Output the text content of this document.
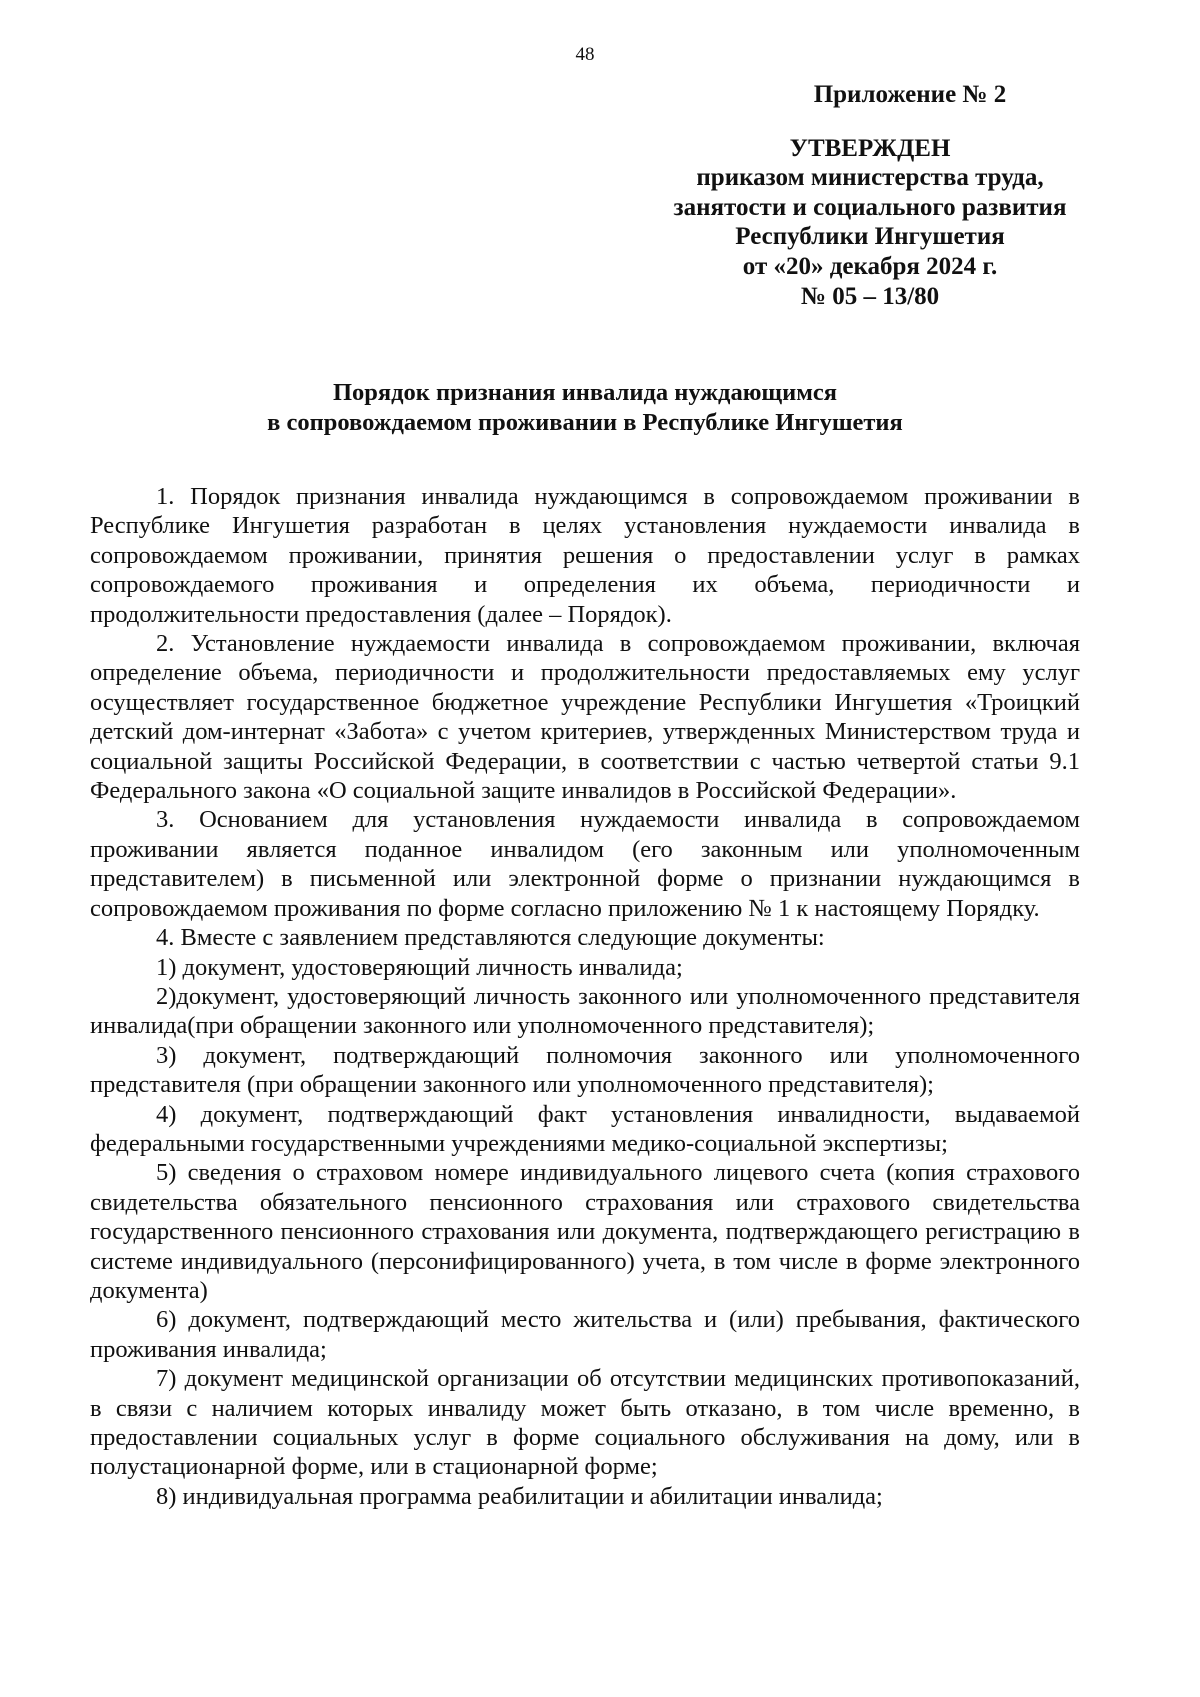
48
Приложение № 2
УТВЕРЖДЕН
приказом министерства труда,
занятости и социального развития
Республики Ингушетия
от «20» декабря 2024 г.
№ 05 – 13/80
Порядок признания инвалида нуждающимся
в сопровождаемом проживании в Республике Ингушетия

1. Порядок признания инвалида нуждающимся в сопровождаемом проживании в Республике Ингушетия разработан в целях установления нуждаемости инвалида в сопровождаемом проживании, принятия решения о предоставлении услуг в рамках сопровождаемого проживания и определения их объема, периодичности и продолжительности предоставления (далее – Порядок).

2. Установление нуждаемости инвалида в сопровождаемом проживании, включая определение объема, периодичности и продолжительности предоставляемых ему услуг осуществляет государственное бюджетное учреждение Республики Ингушетия «Троицкий детский дом-интернат «Забота» с учетом критериев, утвержденных Министерством труда и социальной защиты Российской Федерации, в соответствии с частью четвертой статьи 9.1 Федерального закона «О социальной защите инвалидов в Российской Федерации».

3. Основанием для установления нуждаемости инвалида в сопровождаемом проживании является поданное инвалидом (его законным или уполномоченным представителем) в письменной или электронной форме о признании нуждающимся в сопровождаемом проживания по форме согласно приложению № 1 к настоящему Порядку.

4. Вместе с заявлением представляются следующие документы:

1) документ, удостоверяющий личность инвалида;

2)документ, удостоверяющий личность законного или уполномоченного представителя инвалида(при обращении законного или уполномоченного представителя);

3) документ, подтверждающий полномочия законного или уполномоченного представителя (при обращении законного или уполномоченного представителя);

4) документ, подтверждающий факт установления инвалидности, выдаваемой федеральными государственными учреждениями медико-социальной экспертизы;

5) сведения о страховом номере индивидуального лицевого счета (копия страхового свидетельства обязательного пенсионного страхования или страхового свидетельства государственного пенсионного страхования или документа, подтверждающего регистрацию в системе индивидуального (персонифицированного) учета, в том числе в форме электронного документа)

6) документ, подтверждающий место жительства и (или) пребывания, фактического проживания инвалида;

7) документ медицинской организации об отсутствии медицинских противопоказаний, в связи с наличием которых инвалиду может быть отказано, в том числе временно, в предоставлении социальных услуг в форме социального обслуживания на дому, или в полустационарной форме, или в стационарной форме;

8) индивидуальная программа реабилитации и абилитации инвалида;
